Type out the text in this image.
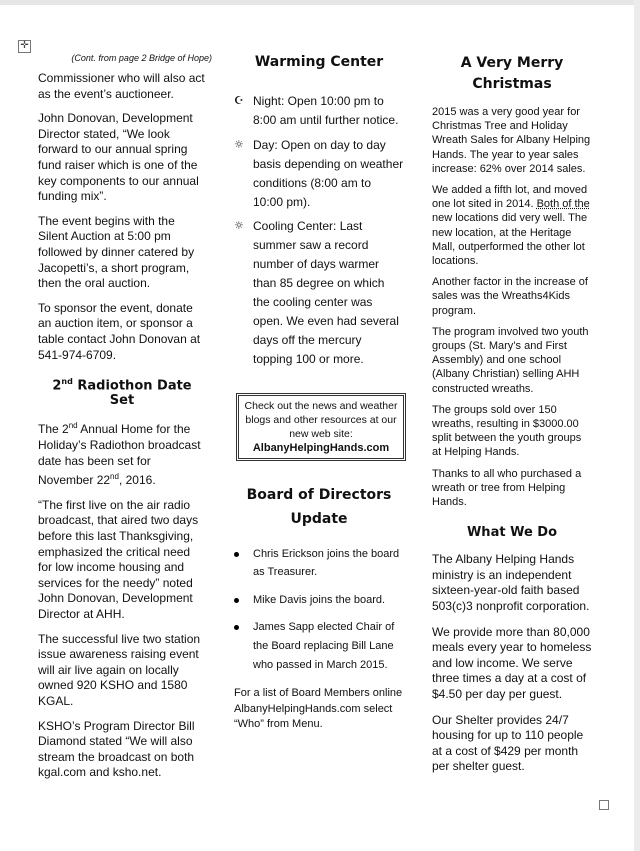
✛
(Cont. from page 2 Bridge of Hope)

Commissioner who will also act as the event’s auctioneer.

John Donovan, Development Director stated, “We look forward to our annual spring fund raiser which is one of the key components to our annual funding mix”.

The event begins with the Silent Auction at 5:00 pm followed by dinner catered by Jacopetti’s, a short program, then the oral auction.

To sponsor the event, donate an auction item, or sponsor a table contact John Donovan at 541-974-6709.

2nd Radiothon Date Set

The 2nd Annual Home for the Holiday’s Radiothon broadcast date has been set for November 22nd, 2016.

“The first live on the air radio broadcast, that aired two days before this last Thanksgiving, emphasized the critical need for low income housing and services for the needy” noted John Donovan, Development Director at AHH.

The successful live two station issue awareness raising event will air live again on locally owned 920 KSHO and 1580 KGAL.

KSHO’s Program Director Bill Diamond stated “We will also stream the broadcast on both kgal.com and ksho.net.

Warming Center
☪ Night: Open 10:00 pm to 8:00 am until further notice.
☼ Day: Open on day to day basis depending on weather conditions (8:00 am to 10:00 pm).
☼ Cooling Center: Last summer saw a record number of days warmer than 85 degree on which the cooling center was open. We even had several days off the mercury topping 100 or more.
Check out the news and weather blogs and other resources at our new web site:
AlbanyHelpingHands.com
Board of Directors Update
Chris Erickson joins the board as Treasurer.
Mike Davis joins the board.
James Sapp elected Chair of the Board replacing Bill Lane who passed in March 2015.
For a list of Board Members online AlbanyHelpingHands.com select “Who” from Menu.
A Very Merry Christmas

2015 was a very good year for Christmas Tree and Holiday Wreath Sales for Albany Helping Hands. The year to year sales increase: 62% over 2014 sales.

We added a fifth lot, and moved one lot sited in 2014. Both of the new locations did very well. The new location, at the Heritage Mall, outperformed the other lot locations.

Another factor in the increase of sales was the Wreaths4Kids program.

The program involved two youth groups (St. Mary’s and First Assembly) and one school (Albany Christian) selling AHH constructed wreaths.

The groups sold over 150 wreaths, resulting in $3000.00 split between the youth groups at Helping Hands.

Thanks to all who purchased a wreath or tree from Helping Hands.

What We Do

The Albany Helping Hands ministry is an independent sixteen-year-old faith based 503(c)3 nonprofit corporation.

We provide more than 80,000 meals every year to homeless and low income. We serve three times a day at a cost of $4.50 per day per guest.

Our Shelter provides 24/7 housing for up to 110 people at a cost of $429 per month per shelter guest.
